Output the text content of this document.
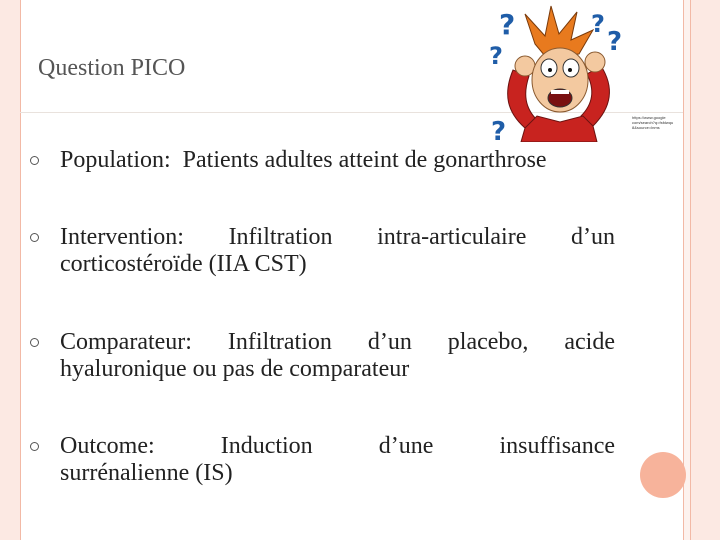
Question PICO
?
?
?
?
?	https://www.google
com/search?q=fsfdwqu
8&source=lnms
Population: Patients adultes atteint de gonarthrose
Intervention: Infiltration intra-articulaire d’un
corticostéroïde (IIA CST)
Comparateur: Infiltration d’un placebo, acide
hyaluronique ou pas de comparateur
Outcome:	Induction	d’une	insuffisance
surrénalienne (IS)
